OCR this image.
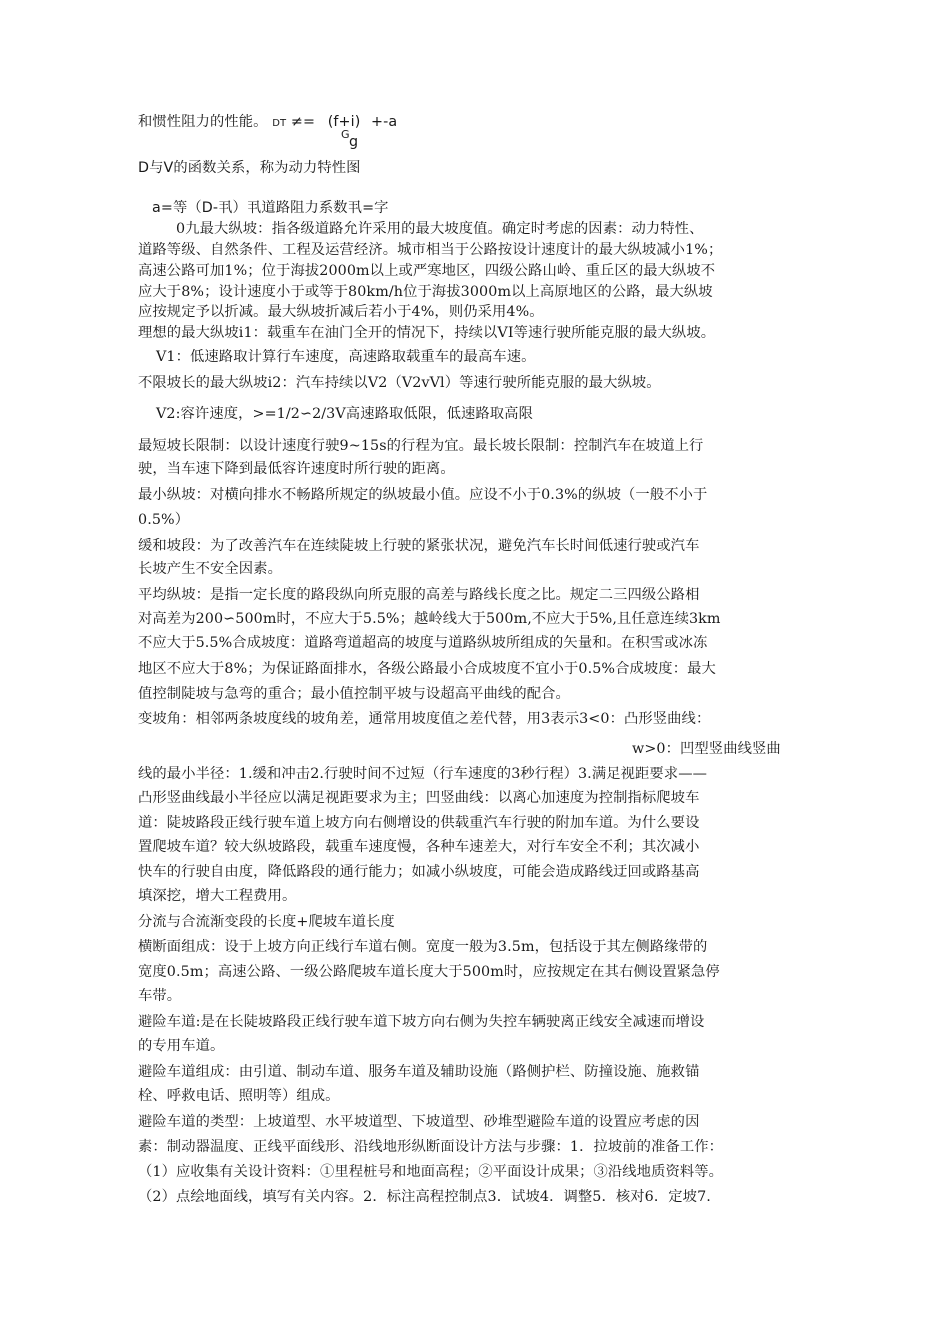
和惯性阻力的性能。 DT ≠= (f+i) +-a
G g
D与V的函数关系，称为动力特性图
a=等（D-丮）丮道路阻力系数丮=字
0九最大纵坡：指各级道路允许采用的最大坡度值。确定时考虑的因素：动力特性、
道路等级、自然条件、工程及运营经济。城市相当于公路按设计速度计的最大纵坡减小1%；
高速公路可加1%；位于海拔2000m以上或严寒地区，四级公路山岭、重丘区的最大纵坡不
应大于8%；设计速度小于或等于80km/h位于海拔3000m以上高原地区的公路，最大纵坡
应按规定予以折减。最大纵坡折减后若小于4%，则仍采用4%。
理想的最大纵坡i1：载重车在油门全开的情况下，持续以VI等速行驶所能克服的最大纵坡。
V1：低速路取计算行车速度，高速路取载重车的最高车速。
不限坡长的最大纵坡i2：汽车持续以V2（V2vVl）等速行驶所能克服的最大纵坡。
V2:容许速度，>=1/2∽2/3V高速路取低限，低速路取高限
最短坡长限制：以设计速度行驶9~15s的行程为宜。最长坡长限制：控制汽车在坡道上行
驶，当车速下降到最低容许速度时所行驶的距离。
最小纵坡：对横向排水不畅路所规定的纵坡最小值。应设不小于0.3%的纵坡（一般不小于
0.5%）
缓和坡段：为了改善汽车在连续陡坡上行驶的紧张状况，避免汽车长时间低速行驶或汽车
长坡产生不安全因素。
平均纵坡：是指一定长度的路段纵向所克服的高差与路线长度之比。规定二三四级公路相
对高差为200∽500m时，不应大于5.5%；越岭线大于500m,不应大于5%,且任意连续3km
不应大于5.5%合成坡度：道路弯道超高的坡度与道路纵坡所组成的矢量和。在积雪或冰冻
地区不应大于8%；为保证路面排水，各级公路最小合成坡度不宜小于0.5%合成坡度：最大
值控制陡坡与急弯的重合；最小值控制平坡与设超高平曲线的配合。
变坡角：相邻两条坡度线的坡角差，通常用坡度值之差代替，用3表示3<0：凸形竖曲线：
w>0：凹型竖曲线竖曲
线的最小半径：1.缓和冲击2.行驶时间不过短（行车速度的3秒行程）3.满足视距要求——
凸形竖曲线最小半径应以满足视距要求为主；凹竖曲线：以离心加速度为控制指标爬坡车
道：陡坡路段正线行驶车道上坡方向右侧增设的供载重汽车行驶的附加车道。为什么要设
置爬坡车道？较大纵坡路段，载重车速度慢，各种车速差大，对行车安全不利；其次减小
快车的行驶自由度，降低路段的通行能力；如减小纵坡度，可能会造成路线迂回或路基高
填深挖，增大工程费用。
分流与合流渐变段的长度+爬坡车道长度
横断面组成：设于上坡方向正线行车道右侧。宽度一般为3.5m，包括设于其左侧路缘带的
宽度0.5m；高速公路、一级公路爬坡车道长度大于500m时，应按规定在其右侧设置紧急停
车带。
避险车道:是在长陡坡路段正线行驶车道下坡方向右侧为失控车辆驶离正线安全减速而增设
的专用车道。
避险车道组成：由引道、制动车道、服务车道及辅助设施（路侧护栏、防撞设施、施救锚
栓、呼救电话、照明等）组成。
避险车道的类型：上坡道型、水平坡道型、下坡道型、砂堆型避险车道的设置应考虑的因
素：制动器温度、正线平面线形、沿线地形纵断面设计方法与步骤：1．拉坡前的准备工作：
（1）应收集有关设计资料：①里程桩号和地面高程；②平面设计成果；③沿线地质资料等。
（2）点绘地面线，填写有关内容。2．标注高程控制点3．试坡4．调整5．核对6．定坡7.
